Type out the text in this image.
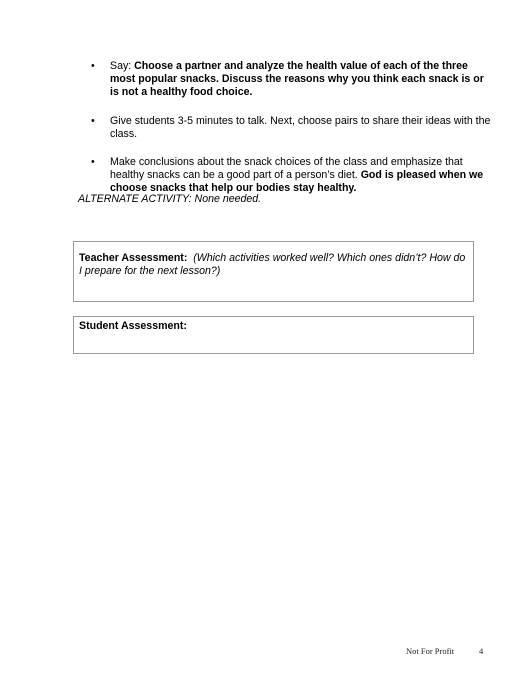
• Say: Choose a partner and analyze the health value of each of the three most popular snacks. Discuss the reasons why you think each snack is or is not a healthy food choice.
• Give students 3-5 minutes to talk. Next, choose pairs to share their ideas with the class.
• Make conclusions about the snack choices of the class and emphasize that healthy snacks can be a good part of a person’s diet. God is pleased when we choose snacks that help our bodies stay healthy.
ALTERNATE ACTIVITY: None needed.
Teacher Assessment: (Which activities worked well? Which ones didn’t? How do I prepare for the next lesson?)
Student Assessment:
Not For Profit	4
